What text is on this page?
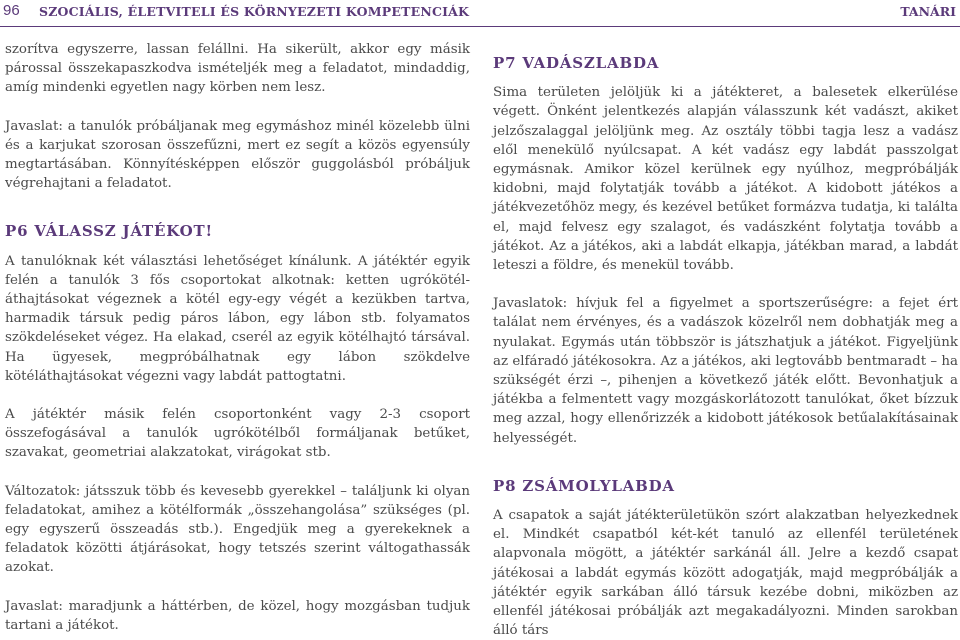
96 SZOCIÁLIS, ÉLETVITELI ÉS KÖRNYEZETI KOMPETENCIÁK	TANÁRI

szorítva egyszerre, lassan felállni. Ha sikerült, akkor egy másik párossal összekapaszkodva ismételjék meg a feladatot, mindaddig, amíg mindenki egyetlen nagy körben nem lesz.

Javaslat: a tanulók próbáljanak meg egymáshoz minél közelebb ülni és a karjukat szorosan összefűzni, mert ez segít a közös egyensúly megtartásában. Könnyítésképpen először guggolásból próbáljuk végrehajtani a feladatot.

P6 VÁLASSZ JÁTÉKOT!

A tanulóknak két választási lehetőséget kínálunk. A játéktér egyik felén a tanulók 3 fős csoportokat alkotnak: ketten ugrókötél-áthajtásokat végeznek a kötél egy-egy végét a kezükben tartva, harmadik társuk pedig páros lábon, egy lábon stb. folyamatos szökdeléseket végez. Ha elakad, cserél az egyik kötélhajtó társával. Ha ügyesek, megpróbálhatnak egy lábon szökdelve kötéláthajtásokat végezni vagy labdát pattogtatni.

A játéktér másik felén csoportonként vagy 2-3 csoport összefogásával a tanulók ugrókötélből formáljanak betűket, szavakat, geometriai alakzatokat, virágokat stb.

Változatok: játsszuk több és kevesebb gyerekkel – találjunk ki olyan feladatokat, amihez a kötélformák „összehangolása” szükséges (pl. egy egyszerű összeadás stb.). Engedjük meg a gyerekeknek a feladatok közötti átjárásokat, hogy tetszés szerint váltogathassák azokat.

Javaslat: maradjunk a háttérben, de közel, hogy mozgásban tudjuk tartani a játékot.

P7 VADÁSZLABDA

Sima területen jelöljük ki a játékteret, a balesetek elkerülése végett. Önként jelentkezés alapján válasszunk két vadászt, akiket jelzőszalaggal jelöljünk meg. Az osztály többi tagja lesz a vadász elől menekülő nyúlcsapat. A két vadász egy labdát passzolgat egymásnak. Amikor közel kerülnek egy nyúlhoz, megpróbálják kidobni, majd folytatják tovább a játékot. A kidobott játékos a játékvezetőhöz megy, és kezével betűket formázva tudatja, ki találta el, majd felvesz egy szalagot, és vadászként folytatja tovább a játékot. Az a játékos, aki a labdát elkapja, játékban marad, a labdát leteszi a földre, és menekül tovább.

Javaslatok: hívjuk fel a figyelmet a sportszerűségre: a fejet ért találat nem érvényes, és a vadászok közelről nem dobhatják meg a nyulakat. Egymás után többször is játszhatjuk a játékot. Figyeljünk az elfáradó játékosokra. Az a játékos, aki legtovább bentmaradt – ha szükségét érzi –, pihenjen a következő játék előtt. Bevonhatjuk a játékba a felmentett vagy mozgáskorlátozott tanulókat, őket bízzuk meg azzal, hogy ellenőrizzék a kidobott játékosok betűalakításainak helyességét.

P8 ZSÁMOLYLABDA

A csapatok a saját játékterületükön szórt alakzatban helyezkednek el. Mindkét csapatból két-két tanuló az ellenfél területének alapvonala mögött, a játéktér sarkánál áll. Jelre a kezdő csapat játékosai a labdát egymás között adogatják, majd megpróbálják a játéktér egyik sarkában álló társuk kezébe dobni, miközben az ellenfél játékosai próbálják azt megakadályozni. Minden sarokban álló társ
